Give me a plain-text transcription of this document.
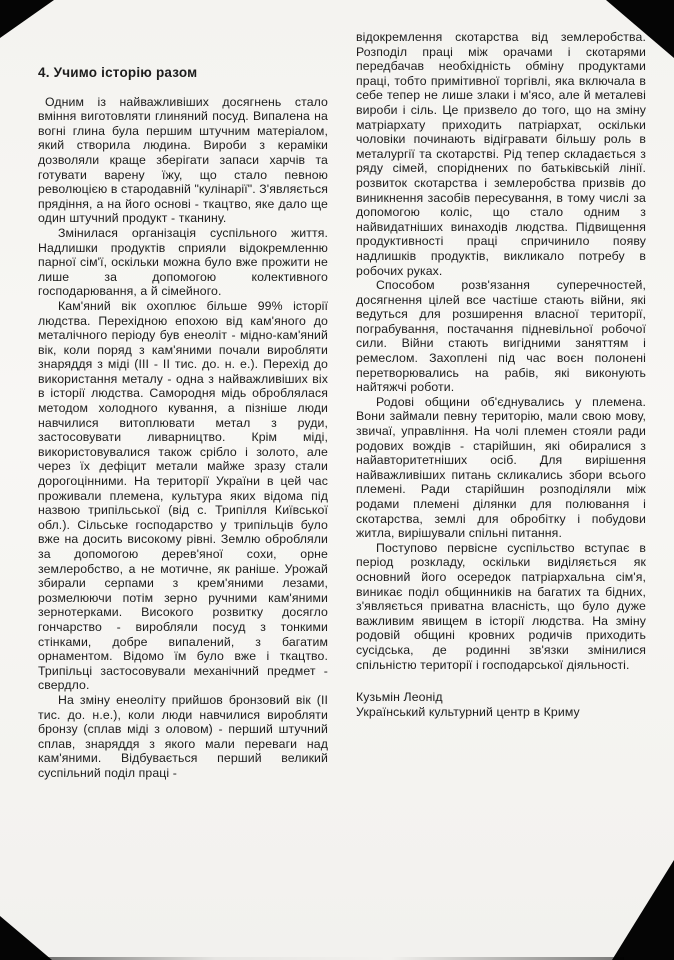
4. Учимо історію разом

Одним із найважливіших досягнень стало вміння виготовляти глиняний посуд. Випалена на вогні глина була першим штучним матеріалом, який створила людина. Вироби з кераміки дозволяли краще зберігати запаси харчів та готувати варену їжу, що стало певною революцією в стародавній "кулінарії". З'являється прядіння, а на його основі - ткацтво, яке дало ще один штучний продукт - тканину.

Змінилася організація суспільного життя. Надлишки продуктів сприяли відокремленню парної сім'ї, оскільки можна було вже прожити не лише за допомогою колективного господарювання, а й сімейного.

Кам'яний вік охоплює більше 99% історії людства. Перехідною епохою від кам'яного до металічного періоду був енеоліт - мідно-кам'яний вік, коли поряд з кам'яними почали виробляти знаряддя з міді (III - II тис. до. н. е.). Перехід до використання металу - одна з найважливіших віх в історії людства. Самородня мідь оброблялася методом холодного кування, а пізніше люди навчилися витоплювати метал з руди, застосовувати ливарництво. Крім міді, використовувалися також срібло і золото, але через їх дефіцит метали майже зразу стали дорогоцінними. На території України в цей час проживали племена, культура яких відома під назвою трипільської (від с. Трипілля Київської обл.). Сільське господарство у трипільців було вже на досить високому рівні. Землю обробляли за допомогою дерев'яної сохи, орне землеробство, а не мотичне, як раніше. Урожай збирали серпами з крем'яними лезами, розмелюючи потім зерно ручними кам'яними зернотерками. Високого розвитку досягло гончарство - виробляли посуд з тонкими стінками, добре випалений, з багатим орнаментом. Відомо їм було вже і ткацтво. Трипільці застосовували механічний предмет - свердло.

На зміну енеоліту прийшов бронзовий вік (II тис. до. н.е.), коли люди навчилися виробляти бронзу (сплав міді з оловом) - перший штучний сплав, знаряддя з якого мали переваги над кам'яними. Відбувається перший великий суспільний поділ праці -

відокремлення скотарства від землеробства. Розподіл праці між орачами і скотарями передбачав необхідність обміну продуктами праці, тобто примітивної торгівлі, яка включала в себе тепер не лише злаки і м'ясо, але й металеві вироби і сіль. Це призвело до того, що на зміну матріархату приходить патріархат, оскільки чоловіки починають відігравати більшу роль в металургії та скотарстві. Рід тепер складається з ряду сімей, споріднених по батьківській лінії. розвиток скотарства і землеробства призвів до виникнення засобів пересування, в тому числі за допомогою коліс, що стало одним з найвидатніших винаходів людства. Підвищення продуктивності праці спричинило появу надлишків продуктів, викликало потребу в робочих руках.

Способом розв'язання суперечностей, досягнення цілей все частіше стають війни, які ведуться для розширення власної території, пограбування, постачання підневільної робочої сили. Війни стають вигідними заняттям і ремеслом. Захоплені під час воєн полонені перетворювались на рабів, які виконують найтяжчі роботи.

Родові общини об'єднувались у племена. Вони займали певну територію, мали свою мову, звичаї, управління. На чолі племен стояли ради родових вождів - старійшин, які обиралися з найавторитетніших осіб. Для вирішення найважливіших питань скликались збори всього племені. Ради старійшин розподіляли між родами племені ділянки для полювання і скотарства, землі для обробітку і побудови житла, вирішували спільні питання.

Поступово первісне суспільство вступає в період розкладу, оскільки виділяється як основний його осередок патріархальна сім'я, виникає поділ общинників на багатих та бідних, з'являється приватна власність, що було дуже важливим явищем в історії людства. На зміну родовій общині кровних родичів приходить сусідська, де родинні зв'язки змінилися спільністю території і господарської діяльності.

Кузьмін Леонід

Український культурний центр в Криму
